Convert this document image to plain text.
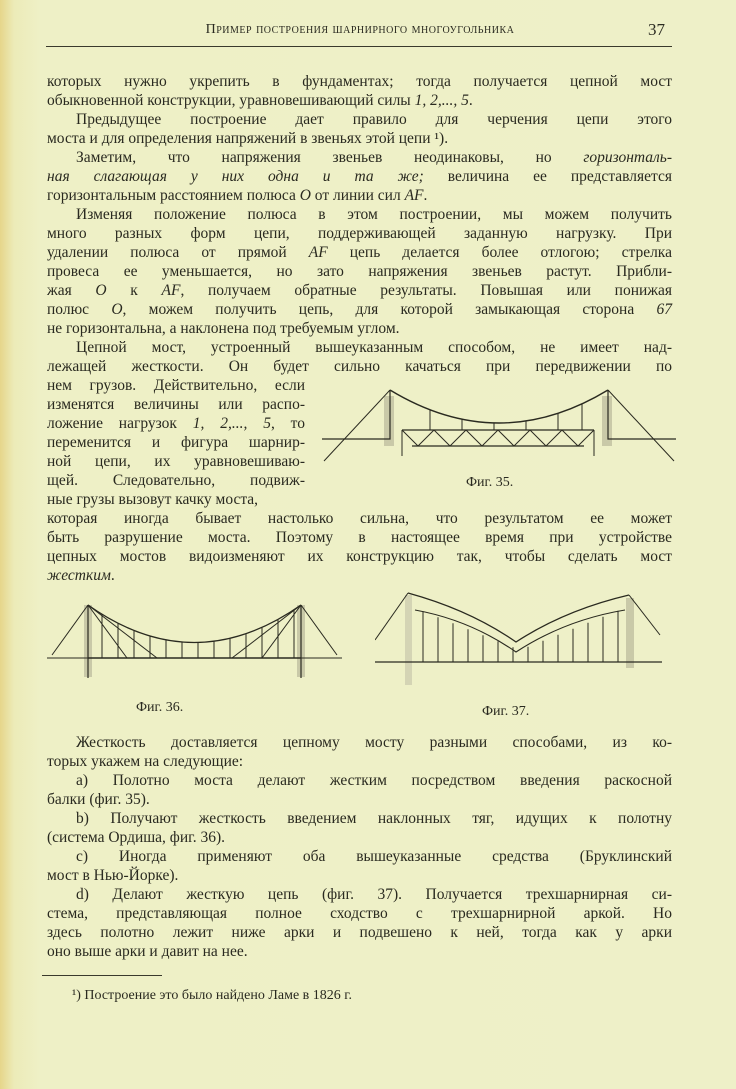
Пример построения шарнирного многоугольника	37
которых нужно укрепить в фундаментах; тогда получается цепной мост
обыкновенной конструкции, уравновешивающий силы 1, 2,..., 5.
Предыдущее построение дает правило для черчения цепи этого
моста и для определения напряжений в звеньях этой цепи ¹).
Заметим, что напряжения звеньев неодинаковы, но горизонталь-
ная слагающая у них одна и та же; величина ее представляется
горизонтальным расстоянием полюса O от линии сил AF.
Изменяя положение полюса в этом построении, мы можем получить
много разных форм цепи, поддерживающей заданную нагрузку. При
удалении полюса от прямой AF цепь делается более отлогою; стрелка
провеса ее уменьшается, но зато напряжения звеньев растут. Прибли-
жая O к AF, получаем обратные результаты. Повышая или понижая
полюс O, можем получить цепь, для которой замыкающая сторона 67
не горизонтальна, а наклонена под требуемым углом.
Цепной мост, устроенный вышеуказанным способом, не имеет над-
лежащей жесткости. Он будет сильно качаться при передвижении по
нем грузов. Действительно, если
изменятся величины или распо-
ложение нагрузок 1, 2,..., 5, то
переменится и фигура шарнир-
ной цепи, их уравновешиваю-
щей. Следовательно, подвиж-
ные грузы вызовут качку моста,
которая иногда бывает настолько сильна, что результатом ее может
быть разрушение моста. Поэтому в настоящее время при устройстве
цепных мостов видоизменяют их конструкцию так, чтобы сделать мост
жестким.
Жесткость доставляется цепному мосту разными способами, из ко-
торых укажем на следующие:
a) Полотно моста делают жестким посредством введения раскосной
балки (фиг. 35).
b) Получают жесткость введением наклонных тяг, идущих к полотну
(система Ордиша, фиг. 36).
c) Иногда применяют оба вышеуказанные средства (Бруклинский
мост в Нью-Йорке).
d) Делают жесткую цепь (фиг. 37). Получается трехшарнирная си-
стема, представляющая полное сходство с трехшарнирной аркой. Но
здесь полотно лежит ниже арки и подвешено к ней, тогда как у арки
оно выше арки и давит на нее.
Фиг. 35.
Фиг. 36.	Фиг. 37.
¹) Построение это было найдено Ламе в 1826 г.
